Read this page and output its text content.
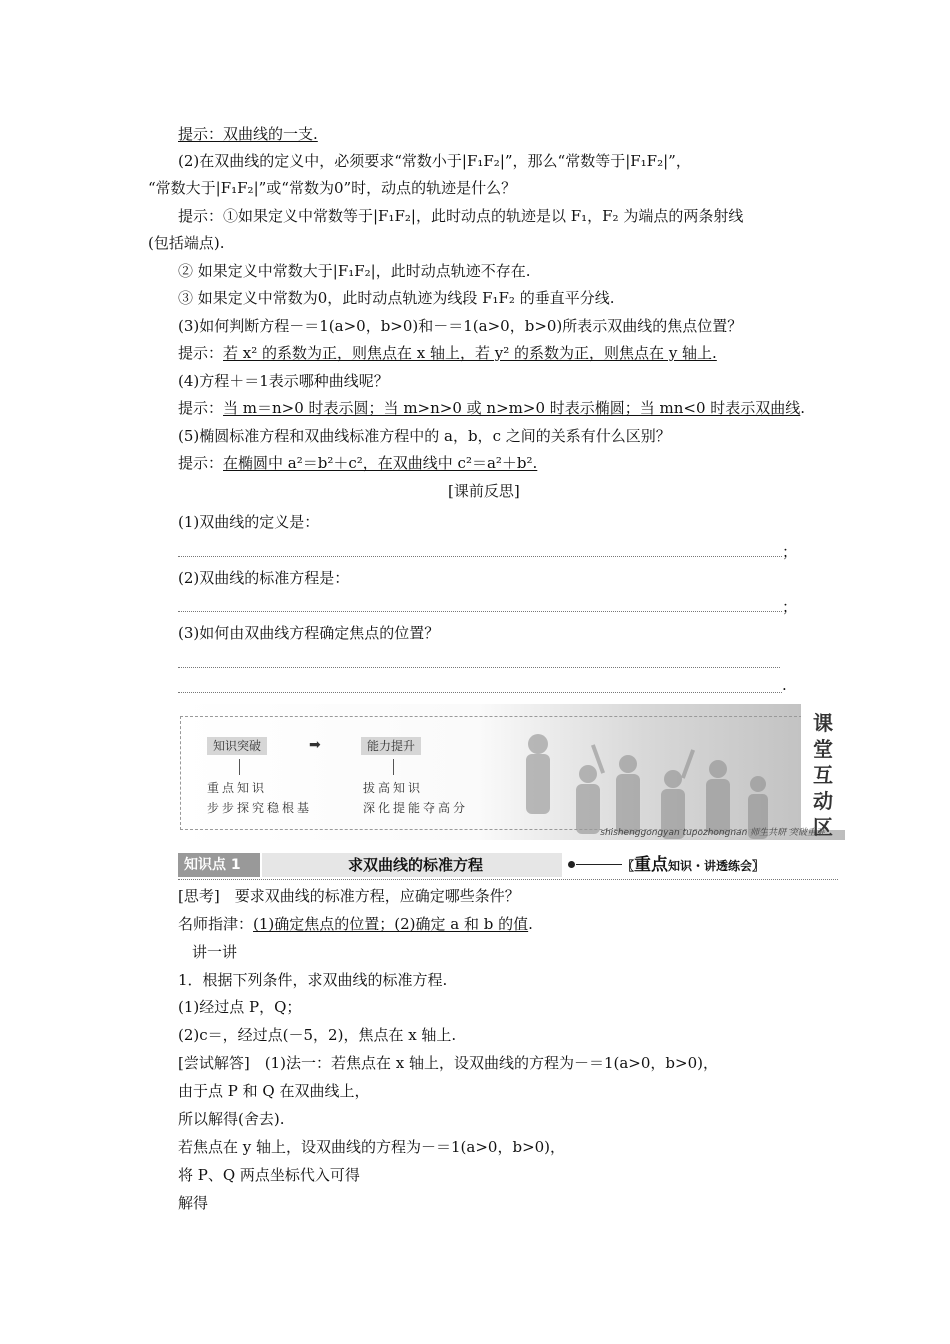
提示：双曲线的一支.
(2)在双曲线的定义中，必须要求“常数小于|F₁F₂|”，那么“常数等于|F₁F₂|”，
“常数大于|F₁F₂|”或“常数为0”时，动点的轨迹是什么？
提示：①如果定义中常数等于|F₁F₂|，此时动点的轨迹是以 F₁，F₂ 为端点的两条射线
(包括端点).
② 如果定义中常数大于|F₁F₂|，此时动点轨迹不存在.
③ 如果定义中常数为0，此时动点轨迹为线段 F₁F₂ 的垂直平分线.
(3)如何判断方程－＝1(a>0，b>0)和－＝1(a>0，b>0)所表示双曲线的焦点位置？
提示：若 x² 的系数为正，则焦点在 x 轴上，若 y² 的系数为正，则焦点在 y 轴上.
(4)方程＋＝1表示哪种曲线呢？
提示：当 m＝n>0 时表示圆；当 m>n>0 或 n>m>0 时表示椭圆；当 mn<0 时表示双曲线.
(5)椭圆标准方程和双曲线标准方程中的 a，b，c 之间的关系有什么区别？
提示：在椭圆中 a²＝b²＋c²，在双曲线中 c²＝a²＋b².
[课前反思]
(1)双曲线的定义是：
；
(2)双曲线的标准方程是：
；
(3)如何由双曲线方程确定焦点的位置？
.
知识突破	➡	能力提升
重点知识
步步探究稳根基
拔高知识
深化提能夺高分
课堂互动区
shishenggongyan tupozhongnan 师生共研 突破重难
知识点 1	求双曲线的标准方程	〖重点知识・讲透练会〗
[思考]　要求双曲线的标准方程，应确定哪些条件？
名师指津：(1)确定焦点的位置；(2)确定 a 和 b 的值.
讲一讲
1．根据下列条件，求双曲线的标准方程.
(1)经过点 P，Q；
(2)c＝，经过点(－5，2)，焦点在 x 轴上.
[尝试解答]　(1)法一：若焦点在 x 轴上，设双曲线的方程为－＝1(a>0，b>0)，
由于点 P 和 Q 在双曲线上，
所以解得(舍去).
若焦点在 y 轴上，设双曲线的方程为－＝1(a>0，b>0)，
将 P、Q 两点坐标代入可得
解得
